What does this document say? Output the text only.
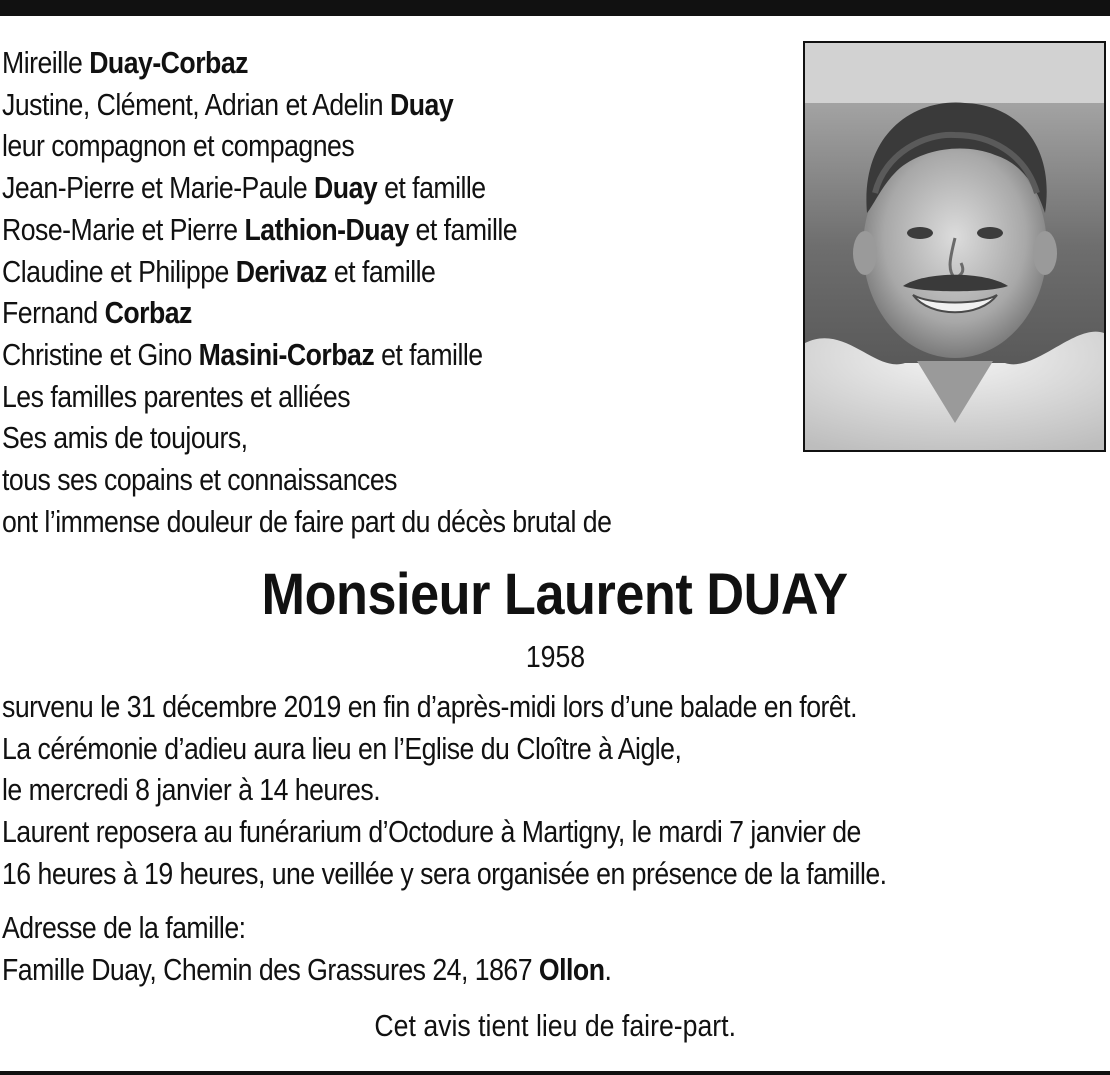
Mireille Duay-Corbaz
Justine, Clément, Adrian et Adelin Duay
leur compagnon et compagnes
Jean-Pierre et Marie-Paule Duay et famille
Rose-Marie et Pierre Lathion-Duay et famille
Claudine et Philippe Derivaz et famille
Fernand Corbaz
Christine et Gino Masini-Corbaz et famille
Les familles parentes et alliées
Ses amis de toujours,
tous ses copains et connaissances
ont l’immense douleur de faire part du décès brutal de
Monsieur Laurent DUAY
1958
survenu le 31 décembre 2019 en fin d’après-midi lors d’une balade en forêt.
La cérémonie d’adieu aura lieu en l’Eglise du Cloître à Aigle,
le mercredi 8 janvier à 14 heures.
Laurent reposera au funérarium d’Octodure à Martigny, le mardi 7 janvier de
16 heures à 19 heures, une veillée y sera organisée en présence de la famille.
Adresse de la famille:
Famille Duay, Chemin des Grassures 24, 1867 Ollon.
Cet avis tient lieu de faire-part.
